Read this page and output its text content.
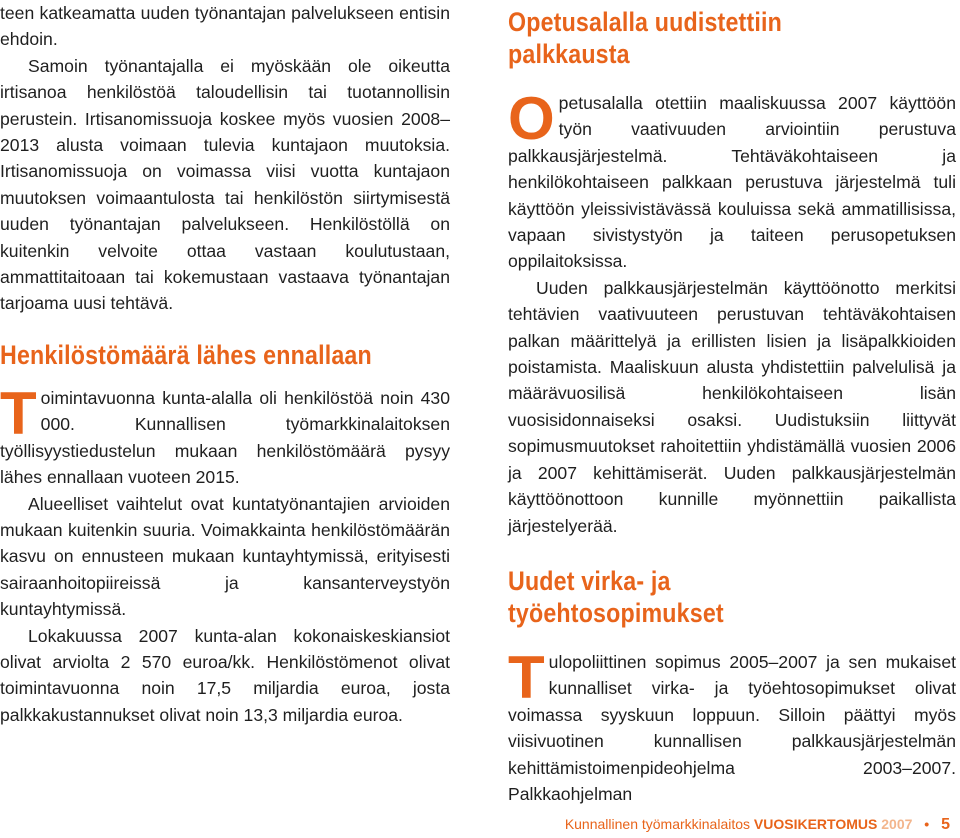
teen katkeamatta uuden työnantajan palvelukseen entisin ehdoin.

Samoin työnantajalla ei myöskään ole oikeutta irtisanoa henkilöstöä taloudellisin tai tuotannollisin perustein. Irtisanomissuoja koskee myös vuosien 2008–2013 alusta voimaan tulevia kuntajaon muutoksia. Irtisanomissuoja on voimassa viisi vuotta kuntajaon muutoksen voimaantulosta tai henkilöstön siirtymisestä uuden työnantajan palvelukseen. Henkilöstöllä on kuitenkin velvoite ottaa vastaan koulutustaan, ammattitaitoaan tai kokemustaan vastaava työnantajan tarjoama uusi tehtävä.

Henkilöstömäärä lähes ennallaan

Toimintavuonna kunta-alalla oli henkilöstöä noin 430 000. Kunnallisen työmarkkinalaitoksen työllisyystiedustelun mukaan henkilöstömäärä pysyy lähes ennallaan vuoteen 2015.

Alueelliset vaihtelut ovat kuntatyönantajien arvioiden mukaan kuitenkin suuria. Voimakkainta henkilöstömäärän kasvu on ennusteen mukaan kuntayhtymissä, erityisesti sairaanhoitopiireissä ja kansanterveystyön kuntayhtymissä.

Lokakuussa 2007 kunta-alan kokonaiskeskiansiot olivat arviolta 2 570 euroa/kk. Henkilöstömenot olivat toimintavuonna noin 17,5 miljardia euroa, josta palkkakustannukset olivat noin 13,3 miljardia euroa.

Opetusalalla uudistettiin
palkkausta

Opetusalalla otettiin maaliskuussa 2007 käyttöön työn vaativuuden arviointiin perustuva palkkausjärjestelmä. Tehtäväkohtaiseen ja henkilökohtaiseen palkkaan perustuva järjestelmä tuli käyttöön yleissivistävässä kouluissa sekä ammatillisissa, vapaan sivistystyön ja taiteen perusopetuksen oppilaitoksissa.

Uuden palkkausjärjestelmän käyttöönotto merkitsi tehtävien vaativuuteen perustuvan tehtäväkohtaisen palkan määrittelyä ja erillisten lisien ja lisäpalkkioiden poistamista. Maaliskuun alusta yhdistettiin palvelulisä ja määrävuosilisä henkilökohtaiseen lisän vuosisidonnaiseksi osaksi. Uudistuksiin liittyvät sopimusmuutokset rahoitettiin yhdistämällä vuosien 2006 ja 2007 kehittämiserät. Uuden palkkausjärjestelmän käyttöönottoon kunnille myönnettiin paikallista järjestelyerää.

Uudet virka- ja
työehtosopimukset

Tulopoliittinen sopimus 2005–2007 ja sen mukaiset kunnalliset virka- ja työehtosopimukset olivat voimassa syyskuun loppuun. Silloin päättyi myös viisivuotinen kunnallisen palkkausjärjestelmän kehittämistoimenpideohjelma 2003–2007. Palkkaohjelman

Kunnallinen työmarkkinalaitos VUOSIKERTOMUS 2007 • 5
